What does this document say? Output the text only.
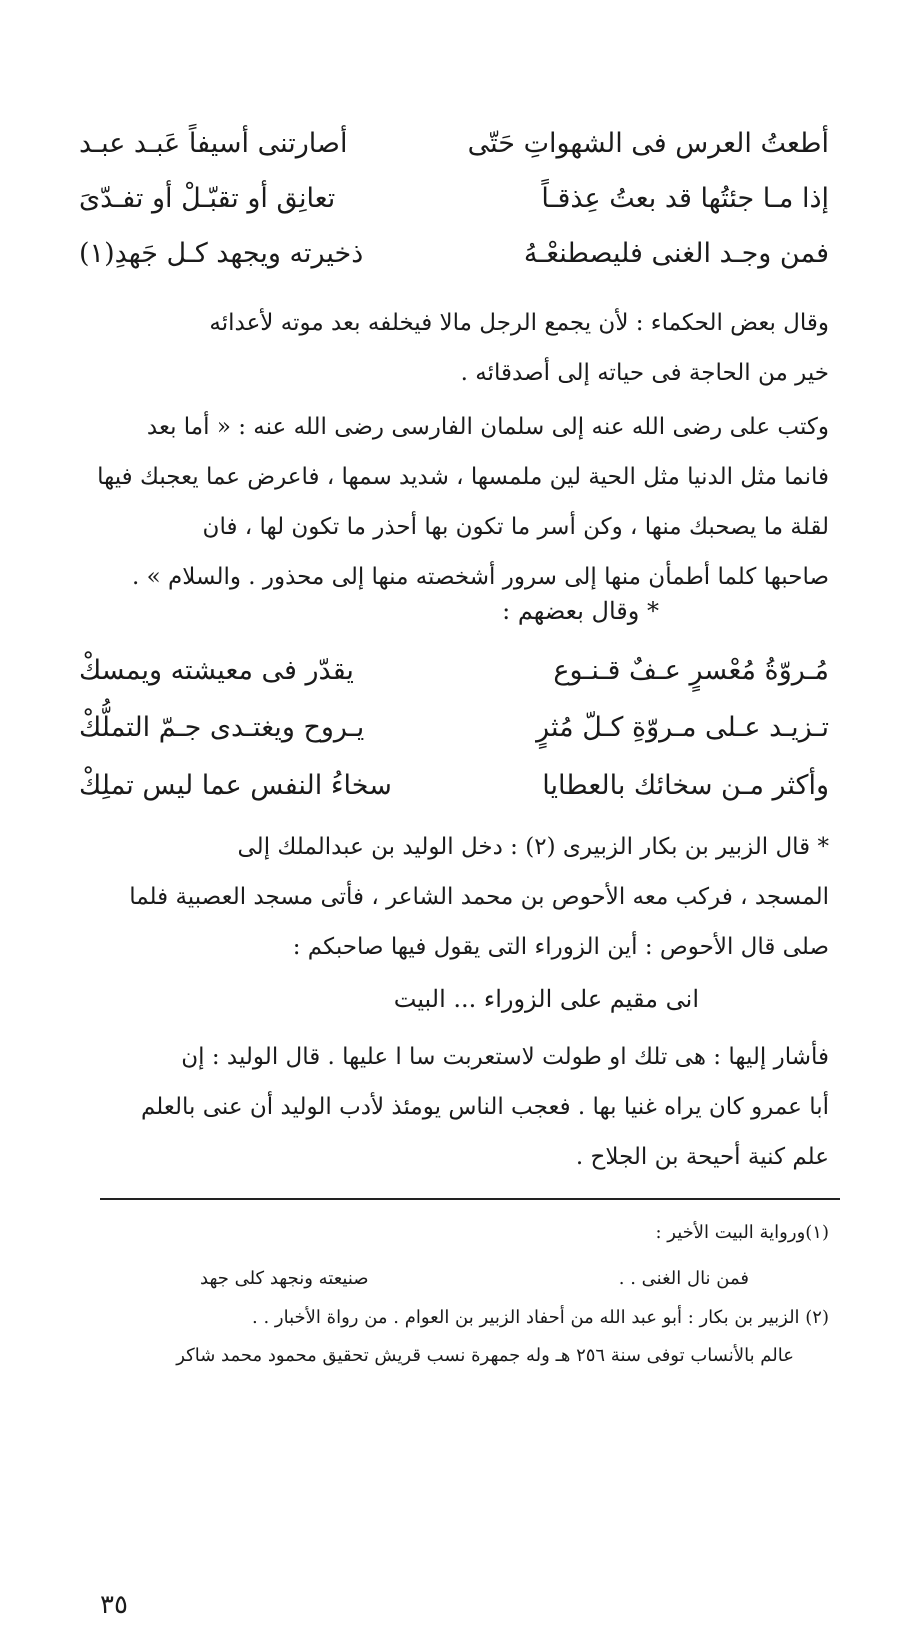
أطعتُ العرس فى الشهواتِ حَتّى
أصارتنى أسيفاً عَبـد عبـد
إذا مـا جئتُها قد بعتُ عِذقـاً
تعانِق أو تقبّـلْ أو تفـدّىَ
فمن وجـد الغنى فليصطنعْـهُ
ذخيرته ويجهد كـل جَهدِ(١)
وقال بعض الحكماء : لأن يجمع الرجل مالا فيخلفه بعد موته لأعدائه
خير من الحاجة فى حياته إلى أصدقائه .
وكتب على رضى الله عنه إلى سلمان الفارسى رضى الله عنه : « أما بعد
فانما مثل الدنيا مثل الحية لين ملمسها ، شديد سمها ، فاعرض عما يعجبك فيها
لقلة ما يصحبك منها ، وكن أسر ما تكون بها أحذر ما تكون لها ، فان
صاحبها كلما أطمأن منها إلى سرور أشخصته منها إلى محذور . والسلام » .
* وقال بعضهم :
مُـروّةُ مُعْسرٍ عـفٌ قـنـوع
يقدّر فى معيشته ويمسكْ
تـزيـد عـلى مـروّةِ كـلّ مُثرٍ
يـروح ويغتـدى جـمّ التملُّكْ
وأكثر مـن سخائك بالعطايا
سخاءُ النفس عما ليس تملِكْ
* قال الزبير بن بكار الزبيرى (٢) : دخل الوليد بن عبدالملك إلى
المسجد ، فركب معه الأحوص بن محمد الشاعر ، فأتى مسجد العصبية فلما
صلى قال الأحوص : أين الزوراء التى يقول فيها صاحبكم :
انى مقيم على الزوراء ... البيت
فأشار إليها : هى تلك او طولت لاستعربت سا ا عليها . قال الوليد : إن
أبا عمرو كان يراه غنيا بها . فعجب الناس يومئذ لأدب الوليد أن عنى بالعلم
علم كنية أحيحة بن الجلاح .
(١)ورواية البيت الأخير :
فمن نال الغنى . .
صنيعته ونجهد كلى جهد
(٢) الزبير بن بكار : أبو عبد الله من أحفاد الزبير بن العوام . من رواة الأخبار . .
عالم بالأنساب توفى سنة ٢٥٦ هـ وله جمهرة نسب قريش تحقيق محمود محمد شاكر
٣٥
